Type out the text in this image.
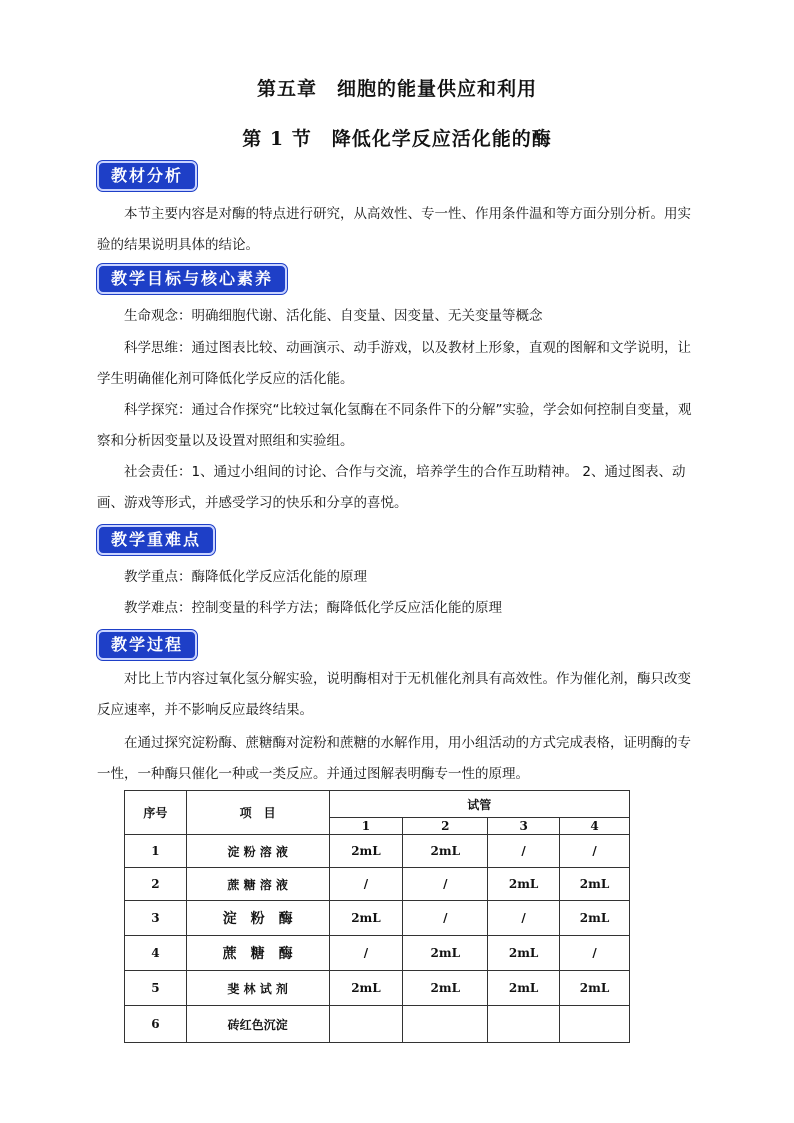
第五章　细胞的能量供应和利用
第 1 节　降低化学反应活化能的酶
教材分析
本节主要内容是对酶的特点进行研究，从高效性、专一性、作用条件温和等方面分别分析。用实验的结果说明具体的结论。
教学目标与核心素养
生命观念：明确细胞代谢、活化能、自变量、因变量、无关变量等概念
科学思维：通过图表比较、动画演示、动手游戏，以及教材上形象，直观的图解和文学说明，让学生明确催化剂可降低化学反应的活化能。
科学探究：通过合作探究“比较过氧化氢酶在不同条件下的分解”实验，学会如何控制自变量，观察和分析因变量以及设置对照组和实验组。
社会责任：1、通过小组间的讨论、合作与交流，培养学生的合作互助精神。 2、通过图表、动画、游戏等形式，并感受学习的快乐和分享的喜悦。
教学重难点
教学重点：酶降低化学反应活化能的原理
教学难点：控制变量的科学方法；酶降低化学反应活化能的原理
教学过程
对比上节内容过氧化氢分解实验，说明酶相对于无机催化剂具有高效性。作为催化剂，酶只改变反应速率，并不影响反应最终结果。
在通过探究淀粉酶、蔗糖酶对淀粉和蔗糖的水解作用，用小组活动的方式完成表格，证明酶的专一性，一种酶只催化一种或一类反应。并通过图解表明酶专一性的原理。
序号	项　目	试管			
		1	2	3	4
1	淀 粉 溶 液	2mL	2mL	/	/
2	蔗 糖 溶 液	/	/	2mL	2mL
3	淀　粉　酶	2mL	/	/	2mL
4	蔗　糖　酶	/	2mL	2mL	/
5	斐 林 试 剂	2mL	2mL	2mL	2mL
6	砖红色沉淀				
